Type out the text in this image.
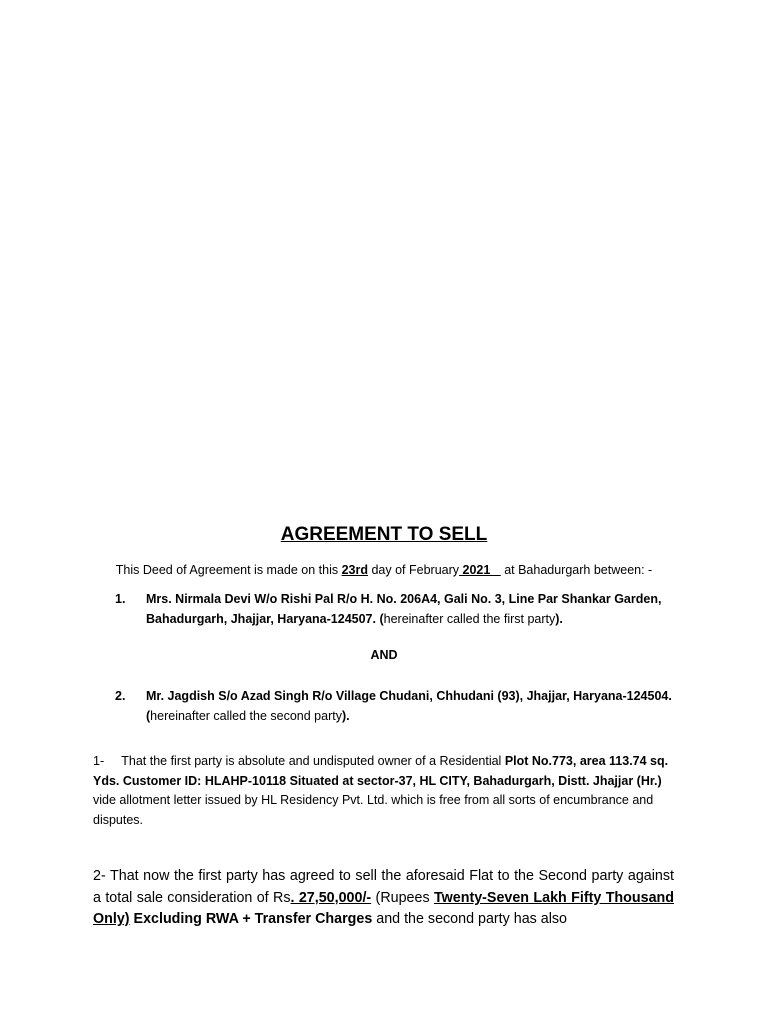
AGREEMENT TO SELL
This Deed of Agreement is made on this 23rd day of February 2021    at Bahadurgarh between: -
1. Mrs. Nirmala Devi W/o Rishi Pal R/o H. No. 206A4, Gali No. 3, Line Par Shankar Garden, Bahadurgarh, Jhajjar, Haryana-124507. (hereinafter called the first party).
AND
2. Mr. Jagdish S/o Azad Singh R/o Village Chudani, Chhudani (93), Jhajjar, Haryana-124504. (hereinafter called the second party).
1-     That the first party is absolute and undisputed owner of a Residential Plot No.773, area 113.74 sq. Yds. Customer ID: HLAHP-10118 Situated at sector-37, HL CITY, Bahadurgarh, Distt. Jhajjar (Hr.) vide allotment letter issued by HL Residency Pvt. Ltd. which is free from all sorts of encumbrance and disputes.
2- That now the first party has agreed to sell the aforesaid Flat to the Second party against a total sale consideration of Rs. 27,50,000/- (Rupees Twenty-Seven Lakh Fifty Thousand Only) Excluding RWA + Transfer Charges and the second party has also
